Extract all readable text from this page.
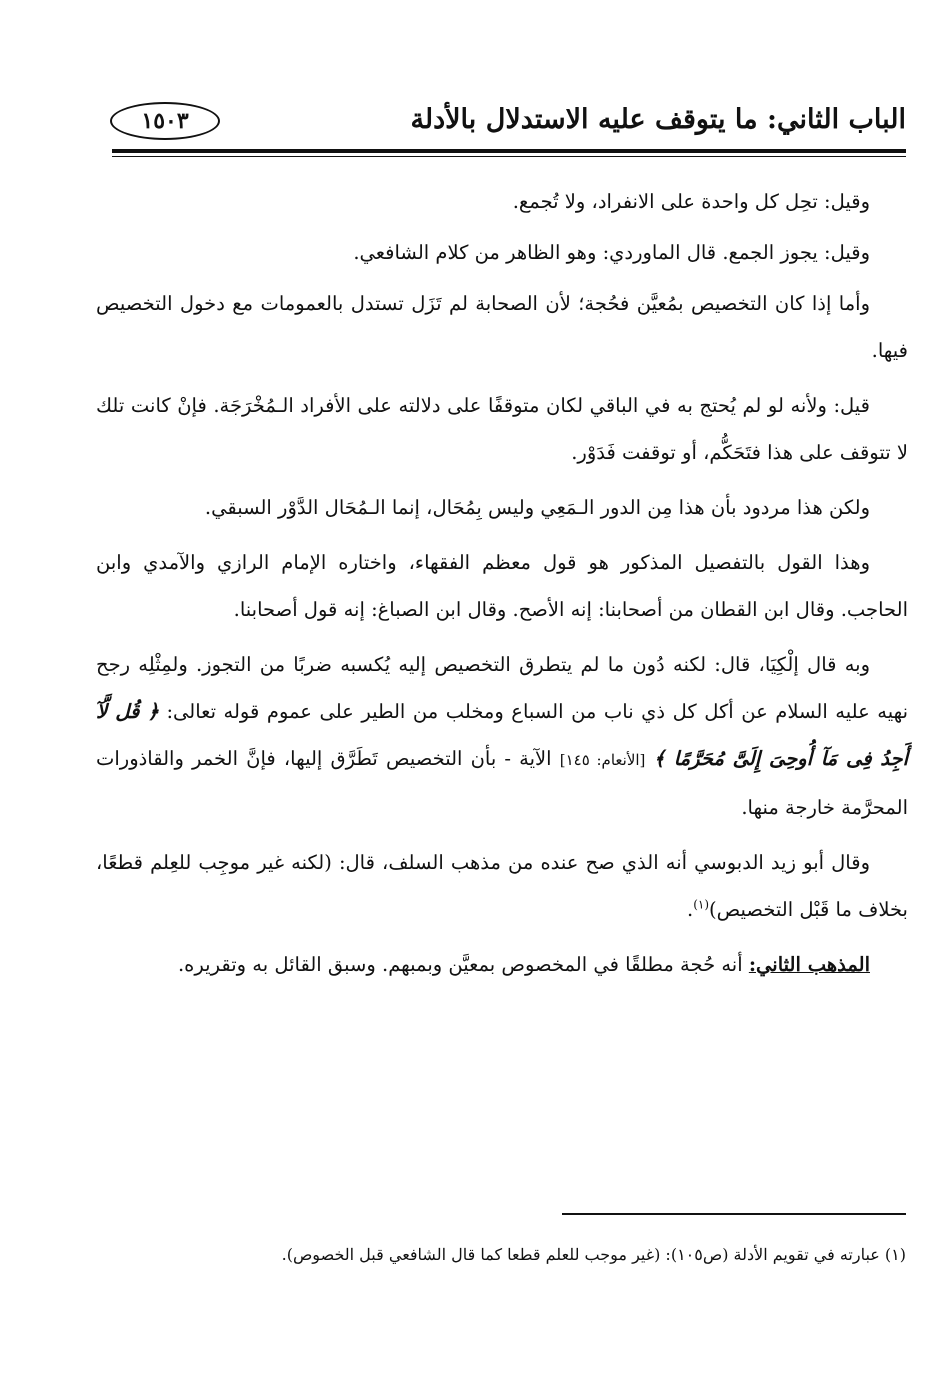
الباب الثاني: ما يتوقف عليه الاستدلال بالأدلة
١٥٠٣

وقيل: تحِل كل واحدة على الانفراد، ولا تُجمع.

وقيل: يجوز الجمع. قال الماوردي: وهو الظاهر من كلام الشافعي.

وأما إذا كان التخصيص بمُعيَّن فحُجة؛ لأن الصحابة لم تَزَل تستدل بالعمومات مع دخول التخصيص فيها.

قيل: ولأنه لو لم يُحتج به في الباقي لكان متوقفًا على دلالته على الأفراد الـمُخْرَجَة. فإنْ كانت تلك لا تتوقف على هذا فتَحَكُّم، أو توقفت فَدَوْر.

ولكن هذا مردود بأن هذا مِن الدور الـمَعِي وليس بِمُحَال، إنما الـمُحَال الدَّوْر السبقي.

وهذا القول بالتفصيل المذكور هو قول معظم الفقهاء، واختاره الإمام الرازي والآمدي وابن الحاجب. وقال ابن القطان من أصحابنا: إنه الأصح. وقال ابن الصباغ: إنه قول أصحابنا.

وبه قال إلْكِيَا، قال: لكنه دُون ما لم يتطرق التخصيص إليه يُكسبه ضربًا من التجوز. ولمِثْلِه رجح نهيه عليه السلام عن أكل كل ذي ناب من السباع ومخلب من الطير على عموم قوله تعالى: ﴿ قُل لَّآ أَجِدُ فِى مَآ أُوحِىَ إِلَىَّ مُحَرَّمًا ﴾ [الأنعام: ١٤٥] الآية - بأن التخصيص تَطَرَّق إليها، فإنَّ الخمر والقاذورات المحرَّمة خارجة منها.

وقال أبو زيد الدبوسي أنه الذي صح عنده من مذهب السلف، قال: (لكنه غير موجِب للعِلم قطعًا، بخلاف ما قَبْل التخصيص)$^{(١)}$.

المذهب الثاني: أنه حُجة مطلقًا في المخصوص بمعيَّن وبمبهم. وسبق القائل به وتقريره.

(١) عبارته في تقويم الأدلة (ص١٠٥): (غير موجب للعلم قطعا كما قال الشافعي قبل الخصوص).
